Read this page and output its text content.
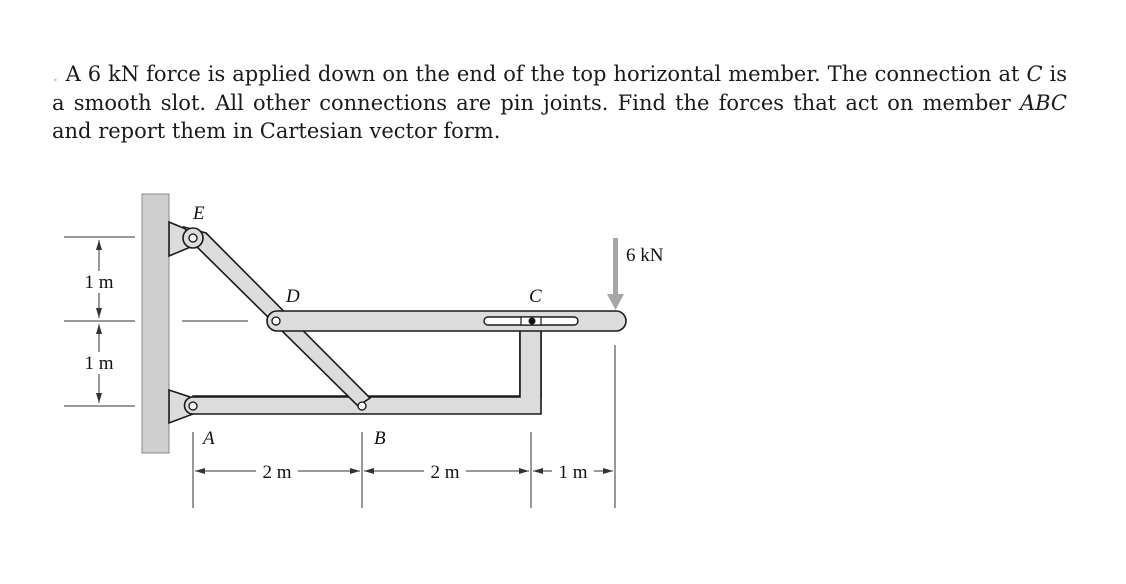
. A 6 kN force is applied down on the end of the top horizontal member. The connection at C is a smooth slot. All other connections are pin joints. Find the forces that act on member ABC and report them in Cartesian vector form.
1 m
1 m
E
D	C
A	B
6 kN
2 m	2 m	1 m
